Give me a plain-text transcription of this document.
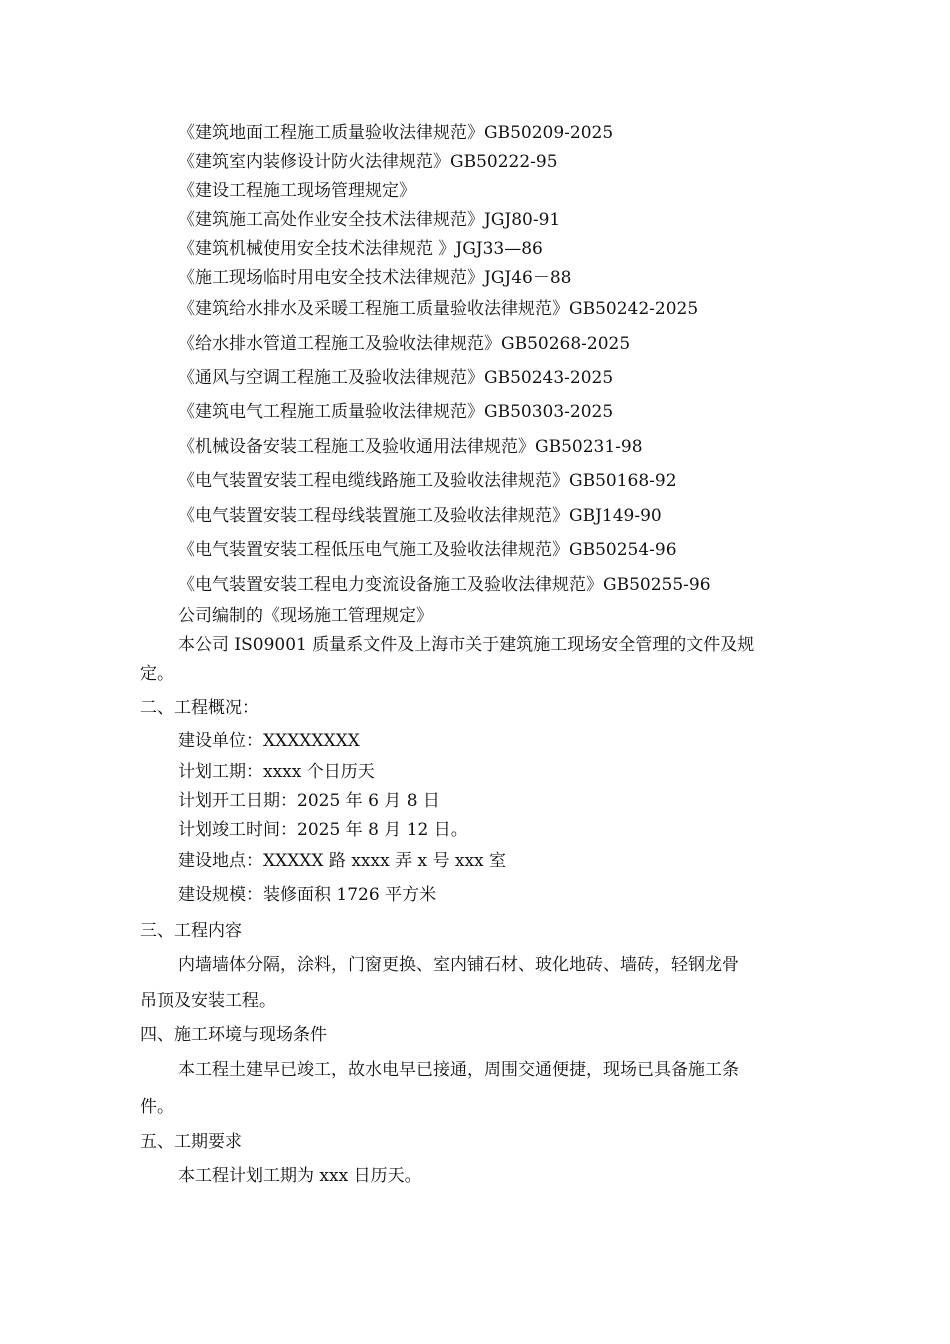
《建筑地面工程施工质量验收法律规范》GB50209-2025
《建筑室内装修设计防火法律规范》GB50222-95
《建设工程施工现场管理规定》
《建筑施工高处作业安全技术法律规范》JGJ80-91
《建筑机械使用安全技术法律规范 》JGJ33—86
《施工现场临时用电安全技术法律规范》JGJ46－88
《建筑给水排水及采暖工程施工质量验收法律规范》GB50242-2025
《给水排水管道工程施工及验收法律规范》GB50268-2025
《通风与空调工程施工及验收法律规范》GB50243-2025
《建筑电气工程施工质量验收法律规范》GB50303-2025
《机械设备安装工程施工及验收通用法律规范》GB50231-98
《电气装置安装工程电缆线路施工及验收法律规范》GB50168-92
《电气装置安装工程母线装置施工及验收法律规范》GBJ149-90
《电气装置安装工程低压电气施工及验收法律规范》GB50254-96
《电气装置安装工程电力变流设备施工及验收法律规范》GB50255-96
公司编制的《现场施工管理规定》
本公司 IS09001 质量系文件及上海市关于建筑施工现场安全管理的文件及规
定。
二、工程概况：
建设单位：XXXXXXXX
计划工期：xxxx 个日历天
计划开工日期：2025 年 6 月 8 日
计划竣工时间：2025 年 8 月 12 日。
建设地点：XXXXX 路 xxxx 弄 x 号 xxx 室
建设规模：装修面积 1726 平方米
三、工程内容
内墙墙体分隔，涂料，门窗更换、室内铺石材、玻化地砖、墙砖，轻钢龙骨
吊顶及安装工程。
四、施工环境与现场条件
本工程土建早已竣工，故水电早已接通，周围交通便捷，现场已具备施工条
件。
五、工期要求
本工程计划工期为 xxx 日历天。
